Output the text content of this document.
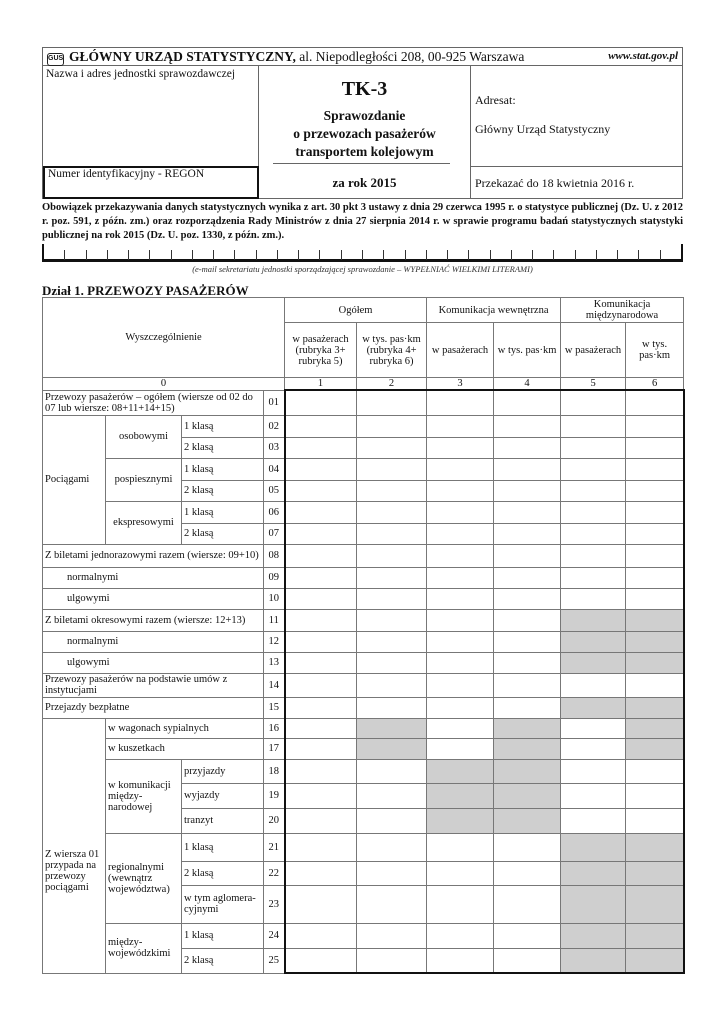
GUS GŁÓWNY URZĄD STATYSTYCZNY, al. Niepodległości 208, 00-925 Warszawa	www.stat.gov.pl
Nazwa i adres jednostki sprawozdawczej
Numer identyfikacyjny - REGON
TK-3
Sprawozdanie
o przewozach pasażerów
transportem kolejowym
za rok 2015
Adresat:
Główny Urząd Statystyczny
Przekazać do 18 kwietnia 2016 r.
Obowiązek przekazywania danych statystycznych wynika z art. 30 pkt 3 ustawy z dnia 29 czerwca 1995 r. o statystyce publicznej (Dz. U. z 2012 r. poz. 591, z późn. zm.) oraz rozporządzenia Rady Ministrów z dnia 27 sierpnia 2014 r. w sprawie programu badań statystycznych statystyki publicznej na rok 2015 (Dz. U. poz. 1330, z późn. zm.).
(e-mail sekretariatu jednostki sporządzającej sprawozdanie – WYPEŁNIAĆ WIELKIMI LITERAMI)
Dział 1. PRZEWOZY PASAŻERÓW
Wyszczególnienie				Ogółem		Komunikacja wewnętrzna		Komunikacja międzynarodowa	
				w pasażerach (rubryka 3+ rubryka 5)	w tys. pas·km (rubryka 4+ rubryka 6)	w pasażerach	w tys. pas·km	w pasażerach	w tys. pas·km
0				1	2	3	4	5	6
Przewozy pasażerów – ogółem (wiersze od 02 do 07 lub wiersze: 08+11+14+15)			01						
Pociągami	osobowymi	1 klasą	02						
		2 klasą	03						
	pospiesznymi	1 klasą	04						
		2 klasą	05						
	ekspresowymi	1 klasą	06						
		2 klasą	07						
Z biletami jednorazowymi razem (wiersze: 09+10)			08						
normalnymi			09						
ulgowymi			10						
Z biletami okresowymi razem (wiersze: 12+13)			11						
normalnymi			12						
ulgowymi			13						
Przewozy pasażerów na podstawie umów z instytucjami			14						
Przejazdy bezpłatne			15						
Z wiersza 01 przypada na przewozy pociągami	w wagonach sypialnych		16						
	w kuszetkach		17						
	w komunikacji między-narodowej	przyjazdy	18						
		wyjazdy	19						
		tranzyt	20						
	regionalnymi (wewnątrz województwa)	1 klasą	21						
		2 klasą	22						
		w tym aglomera-cyjnymi	23						
	między-wojewódzkimi	1 klasą	24						
		2 klasą	25						
